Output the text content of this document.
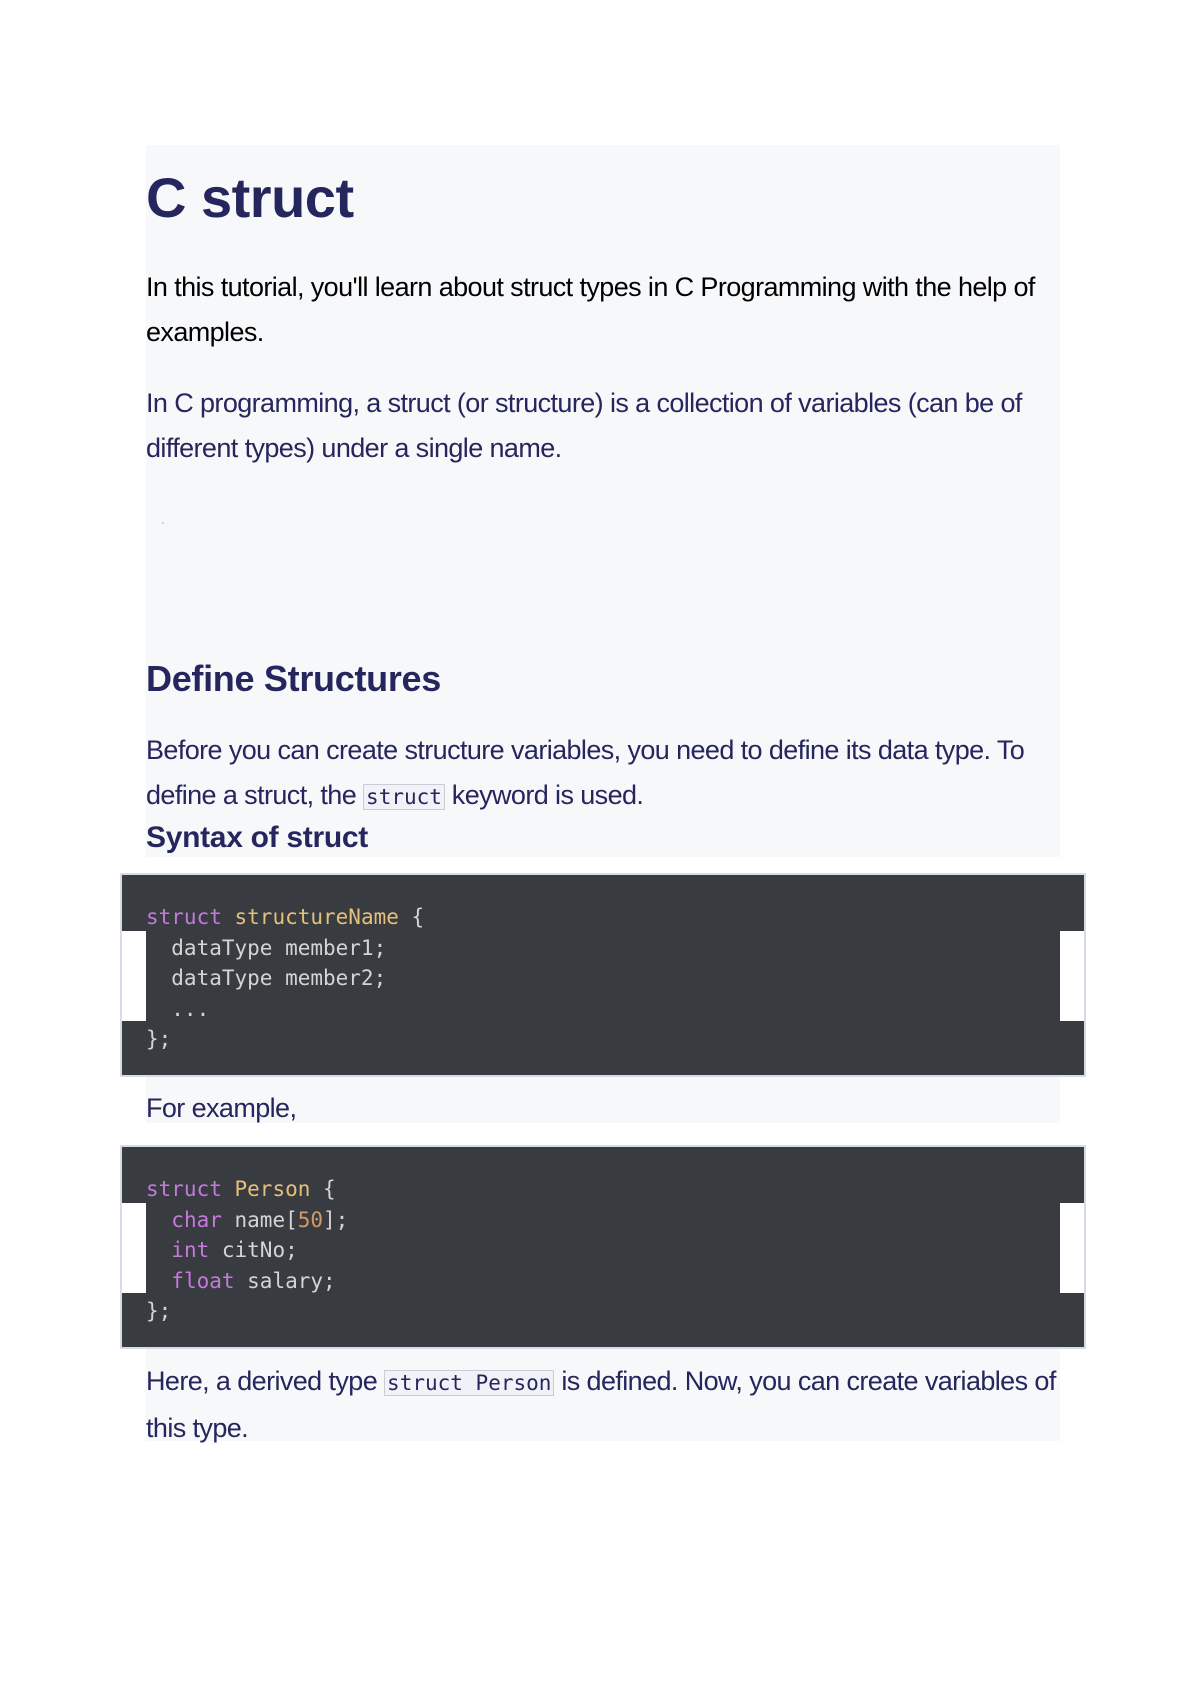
C struct

In this tutorial, you'll learn about struct types in C Programming with the help of examples.

In C programming, a struct (or structure) is a collection of variables (can be of different types) under a single name.

Define Structures

Before you can create structure variables, you need to define its data type. To define a struct, the struct keyword is used.

Syntax of struct
struct structureName {
dataType member1;
dataType member2;
...
};

For example,

struct Person {
char name[50];
int citNo;
float salary;
};

Here, a derived type struct Person is defined. Now, you can create variables of this type.
